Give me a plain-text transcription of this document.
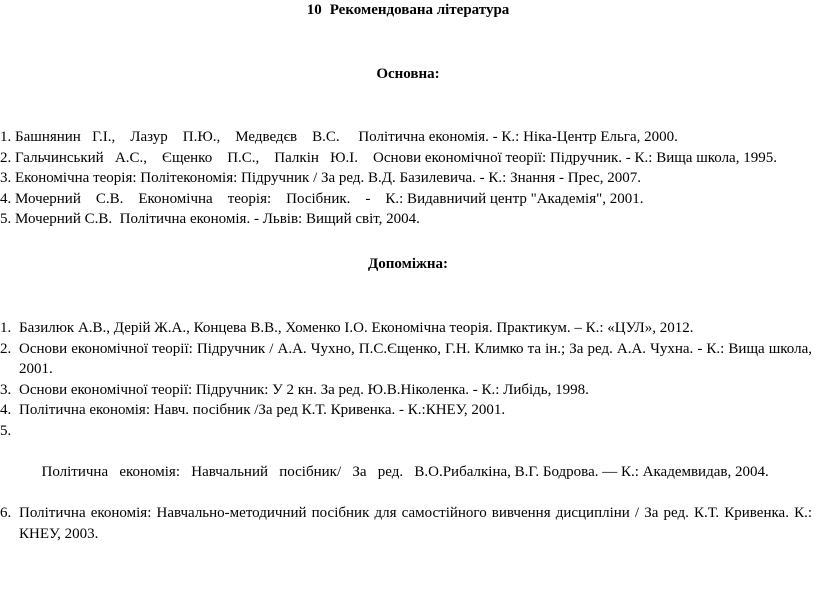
10 Рекомендована література
Основна:
1. Башнянин   Г.І.,    Лазур    П.Ю.,    Медведєв    В.С.     Політична економія. - К.: Ніка-Центр Ельга, 2000.
2. Гальчинський   А.С.,    Єщенко    П.С.,    Палкін   Ю.І.    Основи економічної теорії: Підручник. - К.: Вища школа, 1995.
3. Економічна теорія: Політекономія: Підручник / За ред. В.Д. Базилевича. - К.: Знання - Прес, 2007.
4. Мочерний    С.В.    Економічна    теорія:    Посібник.    -    К.: Видавничий центр "Академія", 2001.
5. Мочерний С.В.  Політична економія. - Львів: Вищий світ, 2004.
Допоміжна:
1. Базилюк А.В., Дерій Ж.А., Концева В.В., Хоменко І.О. Економічна теорія. Практикум. – К.: «ЦУЛ», 2012.
2. Основи економічної теорії: Підручник / А.А. Чухно, П.С.Єщенко, Г.Н. Климко та ін.; За ред. А.А. Чухна. - К.: Вища школа, 2001.
3. Основи економічної теорії: Підручник: У 2 кн. За ред. Ю.В.Ніколенка. - К.: Либідь, 1998.
4. Політична економія: Навч. посібник /За ред К.Т. Кривенка. - К.:КНЕУ, 2001.

5.

Політична   економія:   Навчальний   посібник/   За   ред.   В.О.Рибалкіна, В.Г. Бодрова. — К.: Академвидав, 2004.

6. Політична економія: Навчально-методичний посібник для самостійного вивчення дисципліни / За ред. К.Т. Кривенка. К.: КНЕУ, 2003.
